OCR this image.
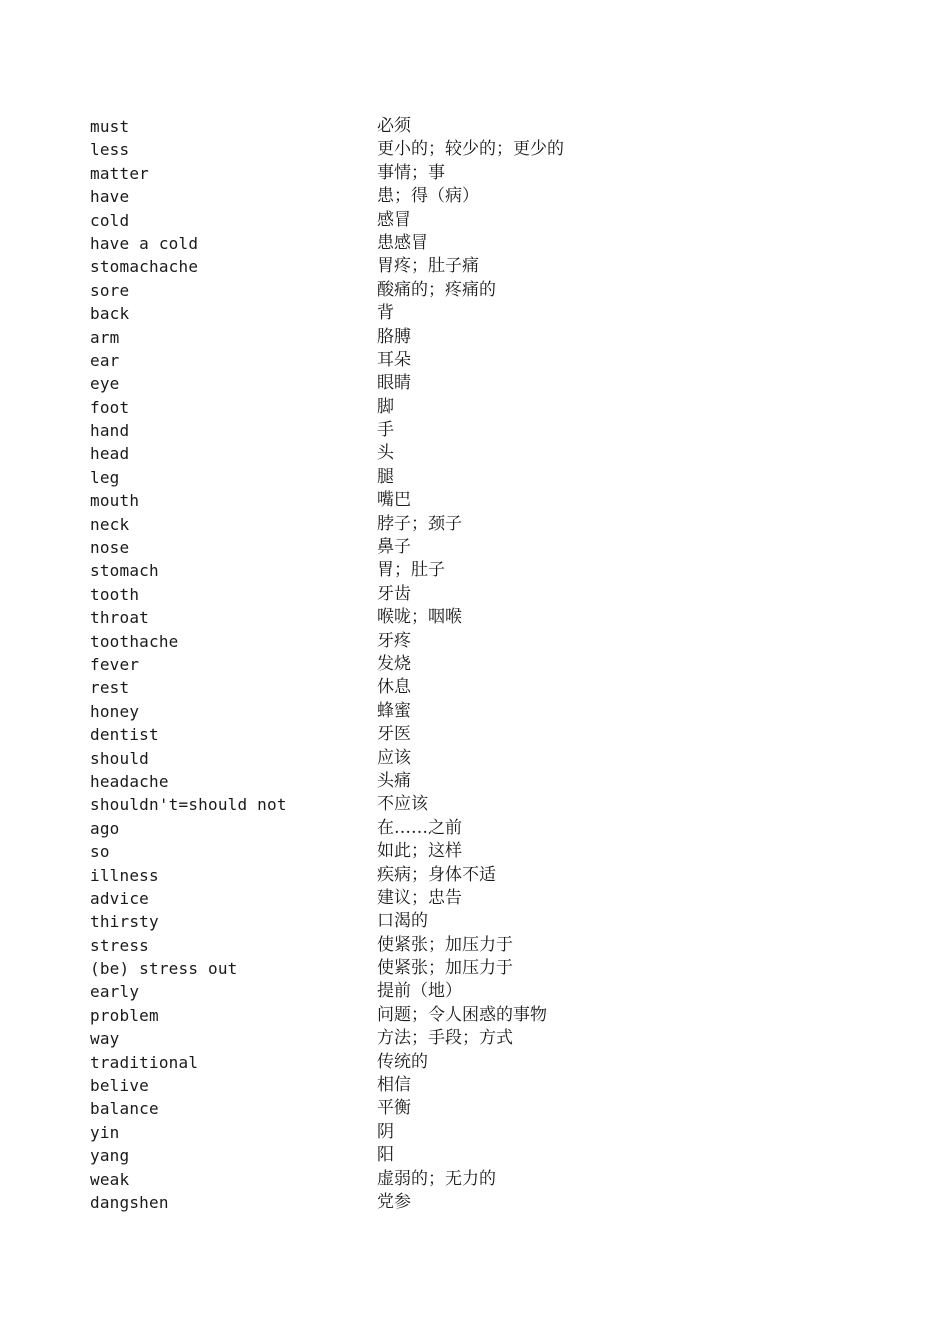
must	必须
less	更小的；较少的；更少的
matter	事情；事
have	患；得（病）
cold	感冒
have a cold	患感冒
stomachache	胃疼；肚子痛
sore	酸痛的；疼痛的
back	背
arm	胳膊
ear	耳朵
eye	眼睛
foot	脚
hand	手
head	头
leg	腿
mouth	嘴巴
neck	脖子；颈子
nose	鼻子
stomach	胃；肚子
tooth	牙齿
throat	喉咙；咽喉
toothache	牙疼
fever	发烧
rest	休息
honey	蜂蜜
dentist	牙医
should	应该
headache	头痛
shouldn't=should not	不应该
ago	在……之前
so	如此；这样
illness	疾病；身体不适
advice	建议；忠告
thirsty	口渴的
stress	使紧张；加压力于
(be) stress out	使紧张；加压力于
early	提前（地）
problem	问题；令人困惑的事物
way	方法；手段；方式
traditional	传统的
belive	相信
balance	平衡
yin	阴
yang	阳
weak	虚弱的；无力的
dangshen	党参
